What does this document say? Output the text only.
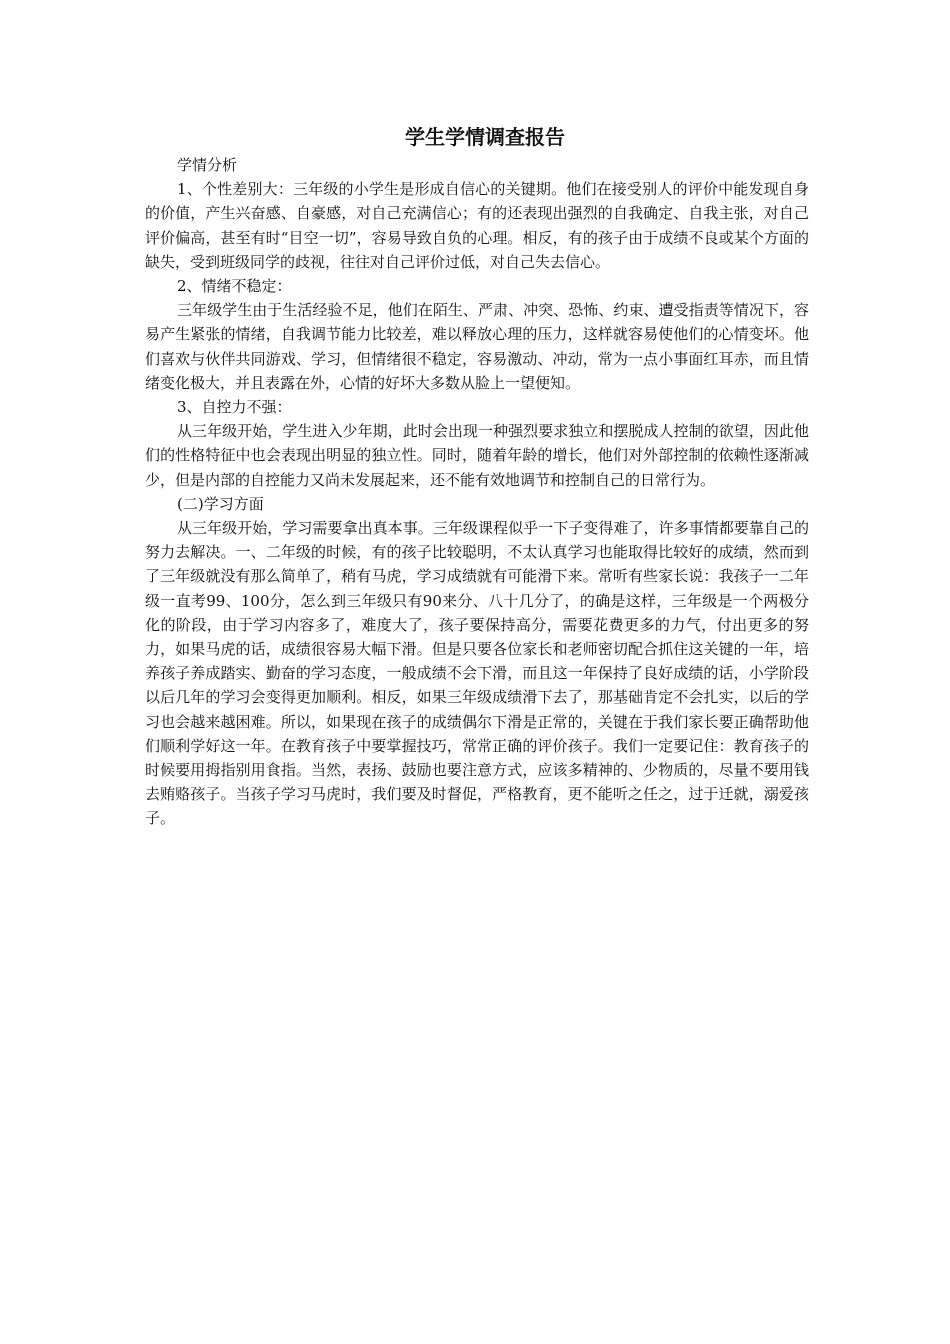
学生学情调查报告

学情分析

1、个性差别大：三年级的小学生是形成自信心的关键期。他们在接受别人的评价中能发现自身的价值，产生兴奋感、自豪感，对自己充满信心；有的还表现出强烈的自我确定、自我主张，对自己评价偏高，甚至有时“目空一切”，容易导致自负的心理。相反，有的孩子由于成绩不良或某个方面的缺失，受到班级同学的歧视，往往对自己评价过低，对自己失去信心。

2、情绪不稳定：

三年级学生由于生活经验不足，他们在陌生、严肃、冲突、恐怖、约束、遭受指责等情况下，容易产生紧张的情绪，自我调节能力比较差，难以释放心理的压力，这样就容易使他们的心情变坏。他们喜欢与伙伴共同游戏、学习，但情绪很不稳定，容易激动、冲动，常为一点小事面红耳赤，而且情绪变化极大，并且表露在外，心情的好坏大多数从脸上一望便知。

3、自控力不强：

从三年级开始，学生进入少年期，此时会出现一种强烈要求独立和摆脱成人控制的欲望，因此他们的性格特征中也会表现出明显的独立性。同时，随着年龄的增长，他们对外部控制的依赖性逐渐减少，但是内部的自控能力又尚未发展起来，还不能有效地调节和控制自己的日常行为。

(二)学习方面

从三年级开始，学习需要拿出真本事。三年级课程似乎一下子变得难了，许多事情都要靠自己的努力去解决。一、二年级的时候，有的孩子比较聪明，不太认真学习也能取得比较好的成绩，然而到了三年级就没有那么简单了，稍有马虎，学习成绩就有可能滑下来。常听有些家长说：我孩子一二年级一直考99、100分，怎么到三年级只有90来分、八十几分了，的确是这样，三年级是一个两极分化的阶段，由于学习内容多了，难度大了，孩子要保持高分，需要花费更多的力气，付出更多的努力，如果马虎的话，成绩很容易大幅下滑。但是只要各位家长和老师密切配合抓住这关键的一年，培养孩子养成踏实、勤奋的学习态度，一般成绩不会下滑，而且这一年保持了良好成绩的话，小学阶段以后几年的学习会变得更加顺利。相反，如果三年级成绩滑下去了，那基础肯定不会扎实，以后的学习也会越来越困难。所以，如果现在孩子的成绩偶尔下滑是正常的，关键在于我们家长要正确帮助他们顺利学好这一年。在教育孩子中要掌握技巧，常常正确的评价孩子。我们一定要记住：教育孩子的时候要用拇指别用食指。当然，表扬、鼓励也要注意方式，应该多精神的、少物质的，尽量不要用钱去贿赂孩子。当孩子学习马虎时，我们要及时督促，严格教育，更不能听之任之，过于迁就，溺爱孩子。
